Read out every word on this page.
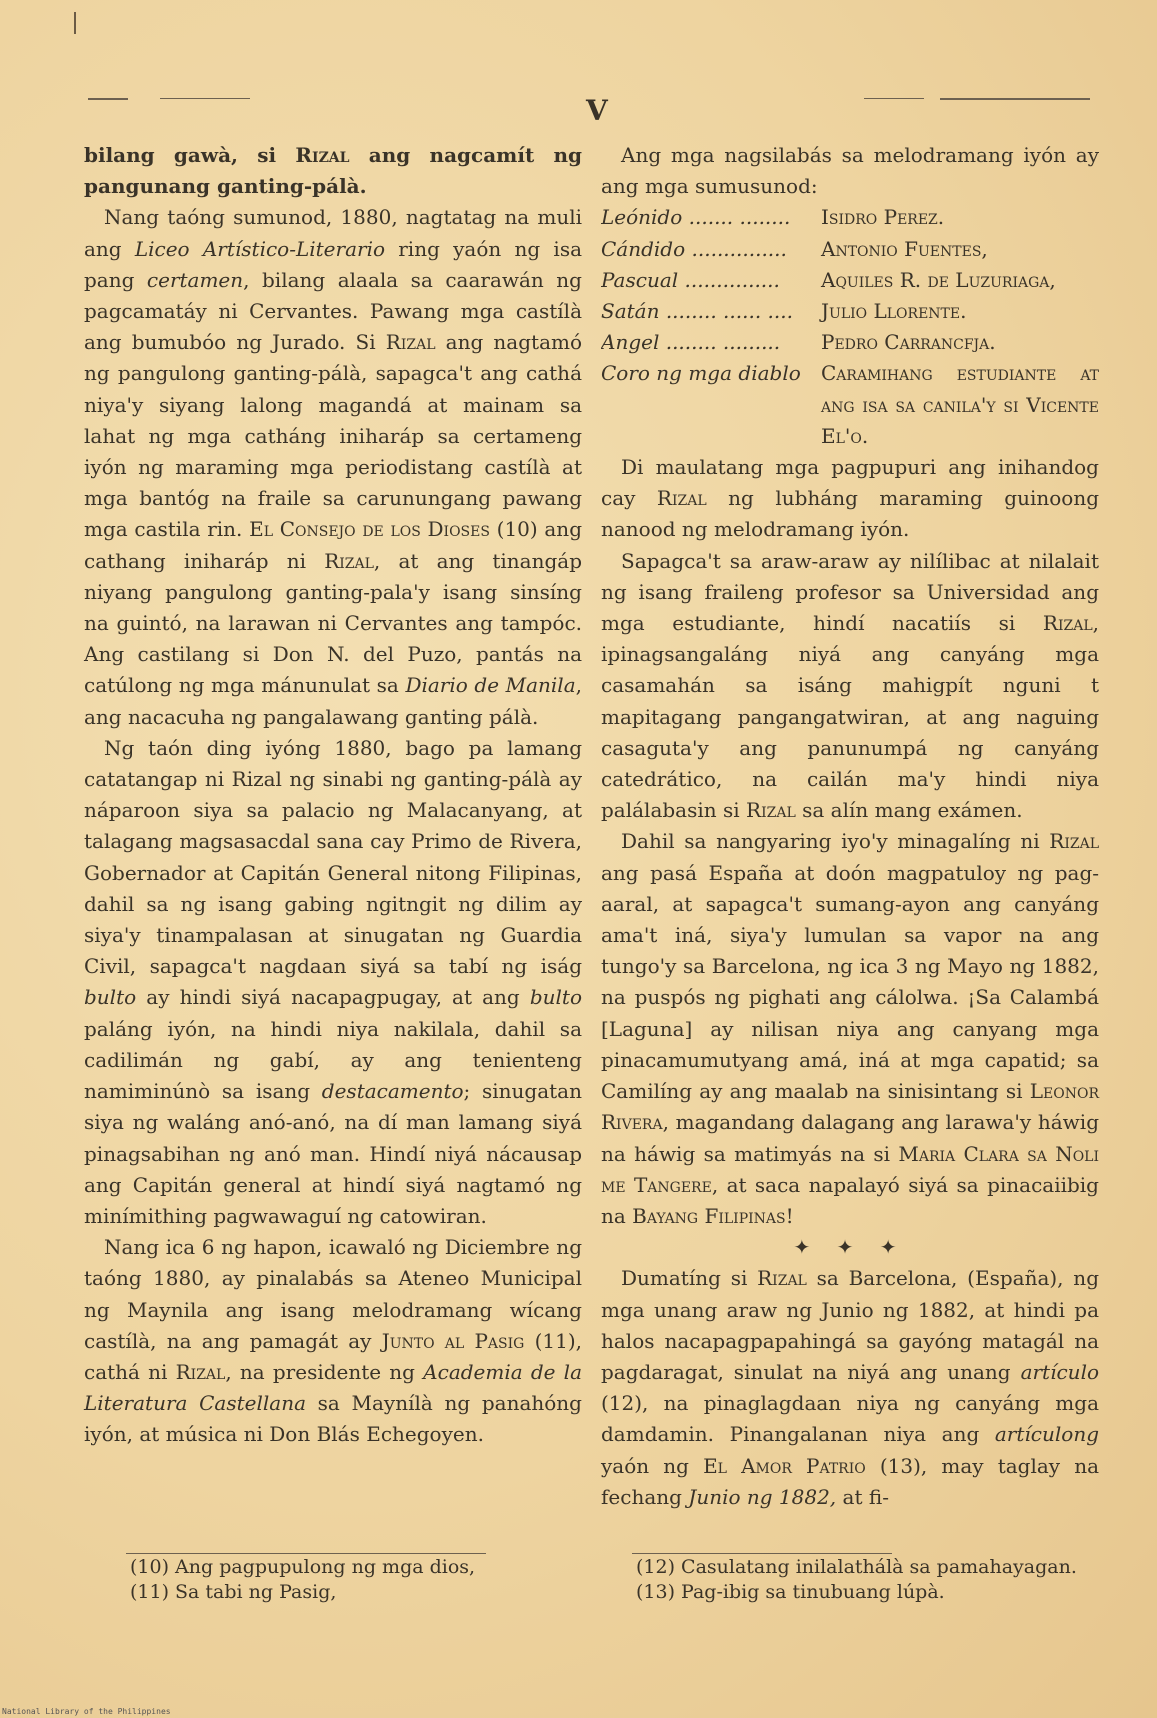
V

bilang gawà, si Rizal ang nagcamít ng pangunang ganting-pálà.

Nang taóng sumunod, 1880, nagtatag na muli ang Liceo Artístico-Literario ring yaón ng isa pang certamen, bilang alaala sa caarawán ng pagcamatáy ni Cervantes. Pawang mga castílà ang bumubóo ng Jurado. Si Rizal ang nagtamó ng pangulong ganting-pálà, sapagca't ang cathá niya'y siyang lalong magandá at mainam sa lahat ng mga catháng iniharáp sa certameng iyón ng maraming mga periodistang castílà at mga bantóg na fraile sa carunungang pawang mga castila rin. El Consejo de los Dioses (10) ang cathang iniharáp ni Rizal, at ang tinangáp niyang pangulong ganting-pala'y isang sinsíng na guintó, na larawan ni Cervantes ang tampóc. Ang castilang si Don N. del Puzo, pantás na catúlong ng mga mánunulat sa Diario de Manila, ang nacacuha ng pangalawang ganting pálà.

Ng taón ding iyóng 1880, bago pa lamang catatangap ni Rizal ng sinabi ng ganting-pálà ay náparoon siya sa palacio ng Malacanyang, at talagang magsasacdal sana cay Primo de Rivera, Gobernador at Capitán General nitong Filipinas, dahil sa ng isang gabing ngitngit ng dilim ay siya'y tinampalasan at sinugatan ng Guardia Civil, sapagca't nagdaan siyá sa tabí ng iság bulto ay hindi siyá nacapagpugay, at ang bulto paláng iyón, na hindi niya nakilala, dahil sa cadilimán ng gabí, ay ang tenienteng namiminúnò sa isang destacamento; sinugatan siya ng waláng anó-anó, na dí man lamang siyá pinagsabihan ng anó man. Hindí niyá nácausap ang Capitán general at hindí siyá nagtamó ng minímithing pagwawaguí ng catowiran.

Nang ica 6 ng hapon, icawaló ng Diciembre ng taóng 1880, ay pinalabás sa Ateneo Municipal ng Maynila ang isang melodramang wícang castílà, na ang pamagát ay Junto al Pasig (11), cathá ni Rizal, na presidente ng Academia de la Literatura Castellana sa Maynílà ng panahóng iyón, at música ni Don Blás Echegoyen.

Ang mga nagsilabás sa melodramang iyón ay ang mga sumusunod:

Leónido ....... ........	Isidro Perez.
Cándido ...............	Antonio Fuentes,
Pascual ...............	Aquiles R. de Luzuriaga,
Satán ........ ...... ....	Julio Llorente.
Angel ........ .........	Pedro Carrancfja.
Coro ng mga diablo	Caramihang estudiante at ang isa sa canila'y si Vicente El'o.

Di maulatang mga pagpupuri ang inihandog cay Rizal ng lubháng maraming guinoong nanood ng melodramang iyón.

Sapagca't sa araw-araw ay nilílibac at nilalait ng isang fraileng profesor sa Universidad ang mga estudiante, hindí nacatiís si Rizal, ipinagsangaláng niyá ang canyáng mga casamahán sa isáng mahigpít nguni t mapitagang pangangatwiran, at ang naguing casaguta'y ang panunumpá ng canyáng catedrático, na cailán ma'y hindi niya palálabasin si Rizal sa alín mang exámen.

Dahil sa nangyaring iyo'y minagalíng ni Rizal ang pasá España at doón magpatuloy ng pag-aaral, at sapagca't sumang-ayon ang canyáng ama't iná, siya'y lumulan sa vapor na ang tungo'y sa Barcelona, ng ica 3 ng Mayo ng 1882, na puspós ng pighati ang cálolwa. ¡Sa Calambá [Laguna] ay nilisan niya ang canyang mga pinacamumutyang amá, iná at mga capatid; sa Camilíng ay ang maalab na sinisintang si Leonor Rivera, magandang dalagang ang larawa'y háwig na háwig sa matimyás na si Maria Clara sa Noli me Tangere, at saca napalayó siyá sa pinacaiibig na Bayang Filipinas!

✦ ✦ ✦

Dumatíng si Rizal sa Barcelona, (España), ng mga unang araw ng Junio ng 1882, at hindi pa halos nacapagpapahingá sa gayóng matagál na pagdaragat, sinulat na niyá ang unang artículo (12), na pinaglagdaan niya ng canyáng mga damdamin. Pinangalanan niya ang artículong yaón ng El Amor Patrio (13), may taglay na fechang Junio ng 1882, at fi-

(10) Ang pagpupulong ng mga dios,
(11) Sa tabi ng Pasig,
(12) Casulatang inilalathálà sa pamahayagan.
(13) Pag-ibig sa tinubuang lúpà.
National Library of the Philippines
